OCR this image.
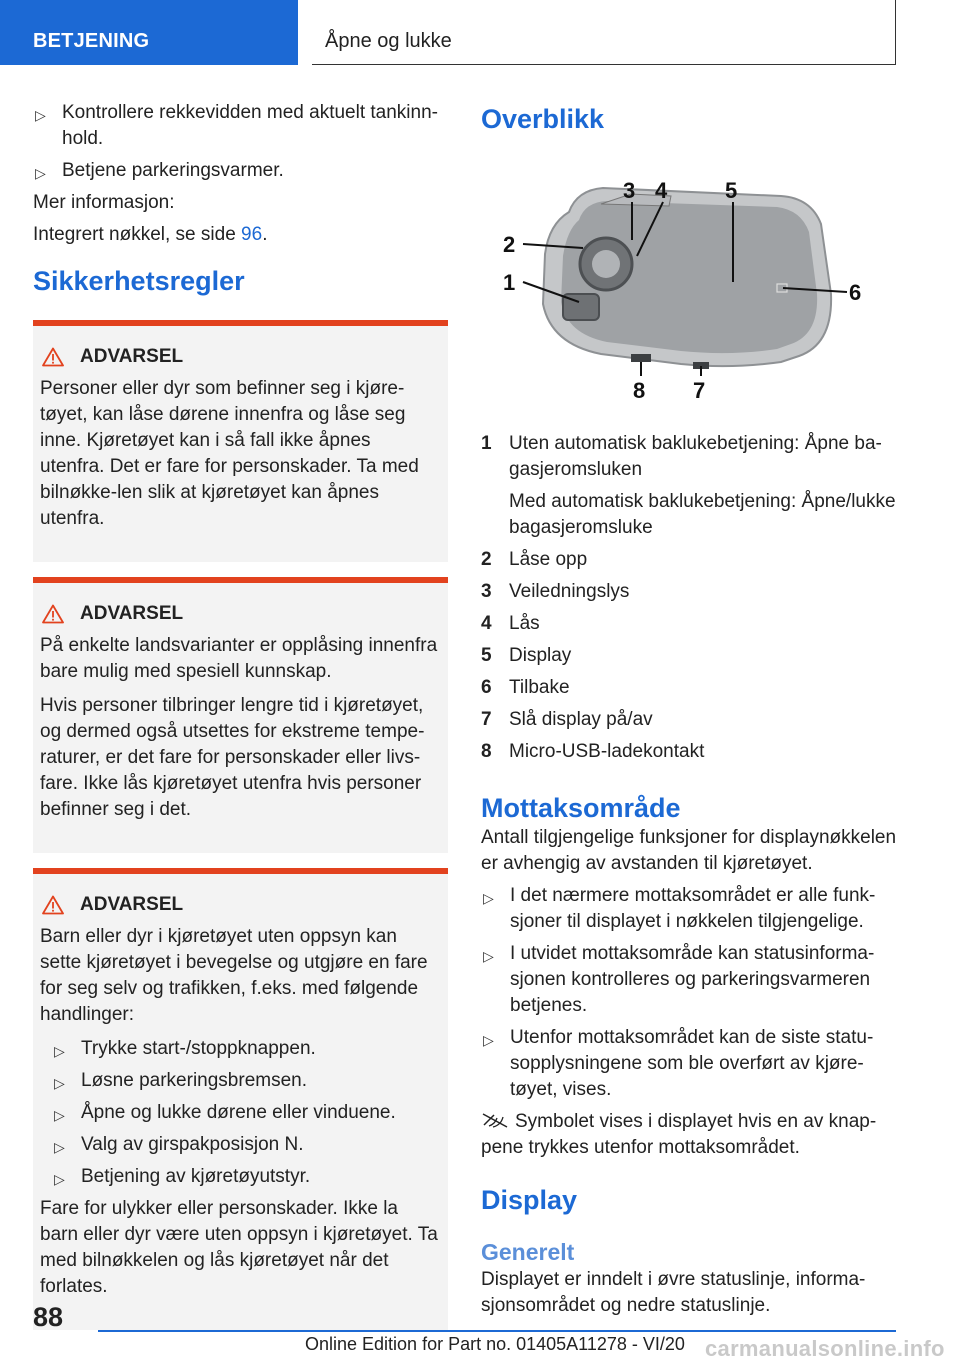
BETJENING	Åpne og lukke
▷ Kontrollere rekkevidden med aktuelt tankinn‐hold.
▷ Betjene parkeringsvarmer.

Mer informasjon:

Integrert nøkkel, se side 96.

Sikkerhetsregler
ADVARSEL

Personer eller dyr som befinner seg i kjøre‐tøyet, kan låse dørene innenfra og låse seg inne. Kjøretøyet kan i så fall ikke åpnes utenfra. Det er fare for personskader. Ta med bilnøkke‐len slik at kjøretøyet kan åpnes utenfra.

ADVARSEL

På enkelte landsvarianter er opplåsing innenfra bare mulig med spesiell kunnskap.

Hvis personer tilbringer lengre tid i kjøretøyet, og dermed også utsettes for ekstreme tempe‐raturer, er det fare for personskader eller livs‐fare. Ikke lås kjøretøyet utenfra hvis personer befinner seg i det.

ADVARSEL

Barn eller dyr i kjøretøyet uten oppsyn kan sette kjøretøyet i bevegelse og utgjøre en fare for seg selv og trafikken, f.eks. med følgende handlinger:

▷ Trykke start-/stoppknappen.
▷ Løsne parkeringsbremsen.
▷ Åpne og lukke dørene eller vinduene.
▷ Valg av girspakposisjon N.
▷ Betjening av kjøretøyutstyr.

Fare for ulykker eller personskader. Ikke la barn eller dyr være uten oppsyn i kjøretøyet. Ta med bilnøkkelen og lås kjøretøyet når det forlates.

Overblikk
1
2
3 4	5
6
7
8
1 Uten automatisk baklukebetjening: Åpne ba‐gasjeromsluken
Med automatisk baklukebetjening: Åpne/lukke bagasjeromsluke
2 Låse opp
3 Veiledningslys
4 Lås
5 Display
6 Tilbake
7 Slå display på/av
8 Micro-USB-ladekontakt
Mottaksområde

Antall tilgjengelige funksjoner for displaynøkkelen er avhengig av avstanden til kjøretøyet.

▷ I det nærmere mottaksområdet er alle funk‐sjoner til displayet i nøkkelen tilgjengelige.
▷ I utvidet mottaksområde kan statusinforma‐sjonen kontrolleres og parkeringsvarmeren betjenes.
▷ Utenfor mottaksområdet kan de siste statu‐sopplysningene som ble overført av kjøre‐tøyet, vises.

Symbolet vises i displayet hvis en av knap‐pene trykkes utenfor mottaksområdet.

Display
Generelt

Displayet er inndelt i øvre statuslinje, informa‐sjonsområdet og nedre statuslinje.

88
Online Edition for Part no. 01405A11278 - VI/20 carmanualsonline.info
